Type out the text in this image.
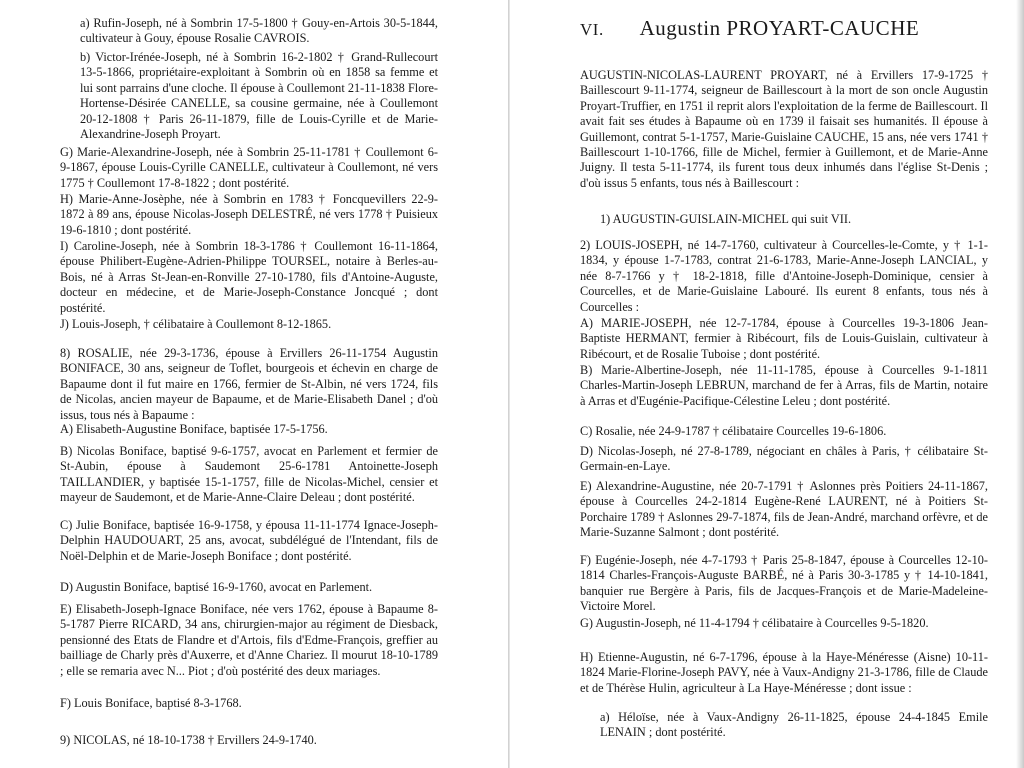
a) Rufin-Joseph, né à Sombrin 17-5-1800 † Gouy-en-Artois 30-5-1844, cultivateur à Gouy, épouse Rosalie CAVROIS.

b) Victor-Irénée-Joseph, né à Sombrin 16-2-1802 † Grand-Rullecourt 13-5-1866, propriétaire-exploitant à Sombrin où en 1858 sa femme et lui sont parrains d'une cloche. Il épouse à Coullemont 21-11-1838 Flore-Hortense-Désirée CANELLE, sa cousine germaine, née à Coullemont 20-12-1808 † Paris 26-11-1879, fille de Louis-Cyrille et de Marie-Alexandrine-Joseph Proyart.

G) Marie-Alexandrine-Joseph, née à Sombrin 25-11-1781 † Coullemont 6-9-1867, épouse Louis-Cyrille CANELLE, cultivateur à Coullemont, né vers 1775 † Coullemont 17-8-1822 ; dont postérité.

H) Marie-Anne-Josèphe, née à Sombrin en 1783 † Foncquevillers 22-9-1872 à 89 ans, épouse Nicolas-Joseph DELESTRÉ, né vers 1778 † Puisieux 19-6-1810 ; dont postérité.

I) Caroline-Joseph, née à Sombrin 18-3-1786 † Coullemont 16-11-1864, épouse Philibert-Eugène-Adrien-Philippe TOURSEL, notaire à Berles-au-Bois, né à Arras St-Jean-en-Ronville 27-10-1780, fils d'Antoine-Auguste, docteur en médecine, et de Marie-Joseph-Constance Joncqué ; dont postérité.

J) Louis-Joseph, † célibataire à Coullemont 8-12-1865.

8) ROSALIE, née 29-3-1736, épouse à Ervillers 26-11-1754 Augustin BONIFACE, 30 ans, seigneur de Toflet, bourgeois et échevin en charge de Bapaume dont il fut maire en 1766, fermier de St-Albin, né vers 1724, fils de Nicolas, ancien mayeur de Bapaume, et de Marie-Elisabeth Danel ; d'où issus, tous nés à Bapaume :

A) Elisabeth-Augustine Boniface, baptisée 17-5-1756.

B) Nicolas Boniface, baptisé 9-6-1757, avocat en Parlement et fermier de St-Aubin, épouse à Saudemont 25-6-1781 Antoinette-Joseph TAILLANDIER, y baptisée 15-1-1757, fille de Nicolas-Michel, censier et mayeur de Saudemont, et de Marie-Anne-Claire Deleau ; dont postérité.

C) Julie Boniface, baptisée 16-9-1758, y épousa 11-11-1774 Ignace-Joseph-Delphin HAUDOUART, 25 ans, avocat, subdélégué de l'Intendant, fils de Noël-Delphin et de Marie-Joseph Boniface ; dont postérité.

D) Augustin Boniface, baptisé 16-9-1760, avocat en Parlement.

E) Elisabeth-Joseph-Ignace Boniface, née vers 1762, épouse à Bapaume 8-5-1787 Pierre RICARD, 34 ans, chirurgien-major au régiment de Diesback, pensionné des Etats de Flandre et d'Artois, fils d'Edme-François, greffier au bailliage de Charly près d'Auxerre, et d'Anne Chariez. Il mourut 18-10-1789 ; elle se remaria avec N... Piot ; d'où postérité des deux mariages.

F) Louis Boniface, baptisé 8-3-1768.

9) NICOLAS, né 18-10-1738 † Ervillers 24-9-1740.

VI. Augustin PROYART-CAUCHE

AUGUSTIN-NICOLAS-LAURENT PROYART, né à Ervillers 17-9-1725 † Baillescourt 9-11-1774, seigneur de Baillescourt à la mort de son oncle Augustin Proyart-Truffier, en 1751 il reprit alors l'exploitation de la ferme de Baillescourt. Il avait fait ses études à Bapaume où en 1739 il faisait ses humanités. Il épouse à Guillemont, contrat 5-1-1757, Marie-Guislaine CAUCHE, 15 ans, née vers 1741 † Baillescourt 1-10-1766, fille de Michel, fermier à Guillemont, et de Marie-Anne Juigny. Il testa 5-11-1774, ils furent tous deux inhumés dans l'église St-Denis ; d'où issus 5 enfants, tous nés à Baillescourt :

1) AUGUSTIN-GUISLAIN-MICHEL qui suit VII.

2) LOUIS-JOSEPH, né 14-7-1760, cultivateur à Courcelles-le-Comte, y † 1-1-1834, y épouse 1-7-1783, contrat 21-6-1783, Marie-Anne-Joseph LANCIAL, y née 8-7-1766 y † 18-2-1818, fille d'Antoine-Joseph-Dominique, censier à Courcelles, et de Marie-Guislaine Labouré. Ils eurent 8 enfants, tous nés à Courcelles :

A) MARIE-JOSEPH, née 12-7-1784, épouse à Courcelles 19-3-1806 Jean-Baptiste HERMANT, fermier à Ribécourt, fils de Louis-Guislain, cultivateur à Ribécourt, et de Rosalie Tuboise ; dont postérité.

B) Marie-Albertine-Joseph, née 11-11-1785, épouse à Courcelles 9-1-1811 Charles-Martin-Joseph LEBRUN, marchand de fer à Arras, fils de Martin, notaire à Arras et d'Eugénie-Pacifique-Célestine Leleu ; dont postérité.

C) Rosalie, née 24-9-1787 † célibataire Courcelles 19-6-1806.

D) Nicolas-Joseph, né 27-8-1789, négociant en châles à Paris, † célibataire St-Germain-en-Laye.

E) Alexandrine-Augustine, née 20-7-1791 † Aslonnes près Poitiers 24-11-1867, épouse à Courcelles 24-2-1814 Eugène-René LAURENT, né à Poitiers St-Porchaire 1789 † Aslonnes 29-7-1874, fils de Jean-André, marchand orfèvre, et de Marie-Suzanne Salmont ; dont postérité.

F) Eugénie-Joseph, née 4-7-1793 † Paris 25-8-1847, épouse à Courcelles 12-10-1814 Charles-François-Auguste BARBÉ, né à Paris 30-3-1785 y † 14-10-1841, banquier rue Bergère à Paris, fils de Jacques-François et de Marie-Madeleine-Victoire Morel.

G) Augustin-Joseph, né 11-4-1794 † célibataire à Courcelles 9-5-1820.

H) Etienne-Augustin, né 6-7-1796, épouse à la Haye-Ménéresse (Aisne) 10-11-1824 Marie-Florine-Joseph PAVY, née à Vaux-Andigny 21-3-1786, fille de Claude et de Thérèse Hulin, agriculteur à La Haye-Ménéresse ; dont issue :

a) Héloïse, née à Vaux-Andigny 26-11-1825, épouse 24-4-1845 Emile LENAIN ; dont postérité.
